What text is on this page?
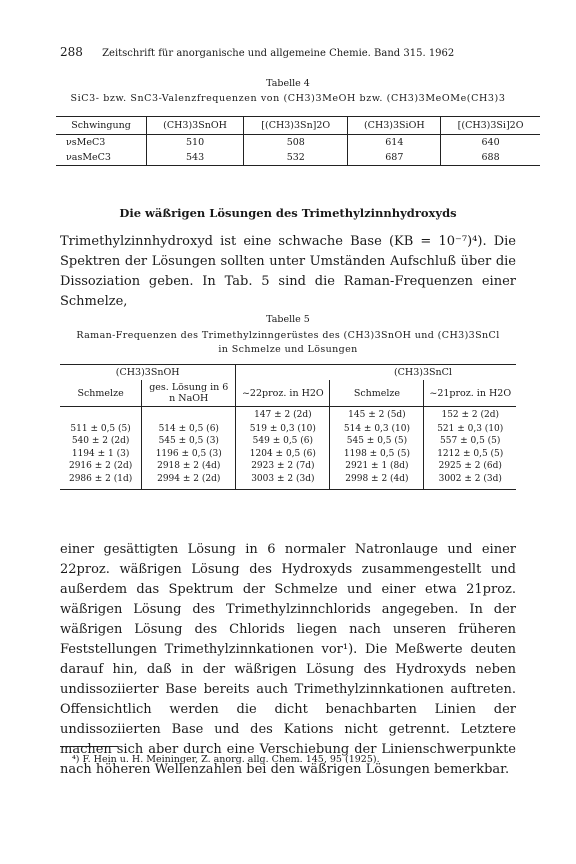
288 Zeitschrift für anorganische und allgemeine Chemie. Band 315. 1962
Tabelle 4
SiC3- bzw. SnC3-Valenzfrequenzen von (CH3)3MeOH bzw. (CH3)3MeOMe(CH3)3
Schwingung	(CH3)3SnOH	[(CH3)3Sn]2O	(CH3)3SiOH	[(CH3)3Si]2O
νsMeC3	510	508	614	640
νasMeC3	543	532	687	688
Die wäßrigen Lösungen des Trimethylzinnhydroxyds
Trimethylzinnhydroxyd ist eine schwache Base (KB = 10⁻⁷)⁴). Die Spektren der Lösungen sollten unter Umständen Aufschluß über die Dissoziation geben. In Tab. 5 sind die Raman-Frequenzen einer Schmelze,
Tabelle 5
Raman-Frequenzen des Trimethylzinngerüstes des (CH3)3SnOH und (CH3)3SnCl
in Schmelze und Lösungen
(CH3)3SnOH			(CH3)3SnCl	
Schmelze	ges. Lösung in 6 n NaOH	~22proz. in H2O	Schmelze	~21proz. in H2O
		147 ± 2 (2d)	145 ± 2 (5d)	152 ± 2 (2d)
511 ± 0,5 (5)	514 ± 0,5 (6)	519 ± 0,3 (10)	514 ± 0,3 (10)	521 ± 0,3 (10)
540 ± 2 (2d)	545 ± 0,5 (3)	549 ± 0,5 (6)	545 ± 0,5 (5)	557 ± 0,5 (5)
1194 ± 1 (3)	1196 ± 0,5 (3)	1204 ± 0,5 (6)	1198 ± 0,5 (5)	1212 ± 0,5 (5)
2916 ± 2 (2d)	2918 ± 2 (4d)	2923 ± 2 (7d)	2921 ± 1 (8d)	2925 ± 2 (6d)
2986 ± 2 (1d)	2994 ± 2 (2d)	3003 ± 2 (3d)	2998 ± 2 (4d)	3002 ± 2 (3d)
einer gesättigten Lösung in 6 normaler Natronlauge und einer 22proz. wäßrigen Lösung des Hydroxyds zusammengestellt und außerdem das Spektrum der Schmelze und einer etwa 21proz. wäßrigen Lösung des Trimethylzinnchlorids angegeben. In der wäßrigen Lösung des Chlorids liegen nach unseren früheren Feststellungen Trimethylzinnkationen vor¹). Die Meßwerte deuten darauf hin, daß in der wäßrigen Lösung des Hydroxyds neben undissoziierter Base bereits auch Trimethylzinnkationen auftreten. Offensichtlich werden die dicht benachbarten Linien der undissoziierten Base und des Kations nicht getrennt. Letztere machen sich aber durch eine Verschiebung der Linienschwerpunkte nach höheren Wellenzahlen bei den wäßrigen Lösungen bemerkbar.
⁴) F. Hein u. H. Meininger, Z. anorg. allg. Chem. 145, 95 (1925).
